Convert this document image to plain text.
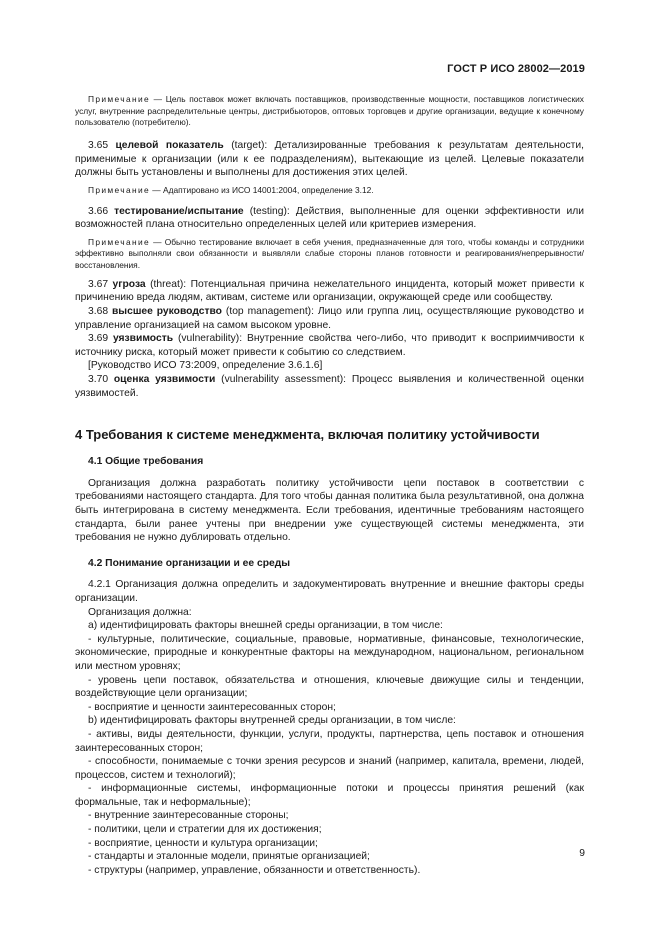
ГОСТ Р ИСО 28002—2019

Примечание — Цель поставок может включать поставщиков, производственные мощности, поставщиков логистических услуг, внутренние распределительные центры, дистрибьюторов, оптовых торговцев и другие организации, ведущие к конечному пользователю (потребителю).

3.65 целевой показатель (target): Детализированные требования к результатам деятельности, применимые к организации (или к ее подразделениям), вытекающие из целей. Целевые показатели должны быть установлены и выполнены для достижения этих целей.

Примечание — Адаптировано из ИСО 14001:2004, определение 3.12.

3.66 тестирование/испытание (testing): Действия, выполненные для оценки эффективности или возможностей плана относительно определенных целей или критериев измерения.

Примечание — Обычно тестирование включает в себя учения, предназначенные для того, чтобы команды и сотрудники эффективно выполняли свои обязанности и выявляли слабые стороны планов готовности и реагирования/непрерывности/восстановления.

3.67 угроза (threat): Потенциальная причина нежелательного инцидента, который может привести к причинению вреда людям, активам, системе или организации, окружающей среде или сообществу.

3.68 высшее руководство (top management): Лицо или группа лиц, осуществляющие руководство и управление организацией на самом высоком уровне.

3.69 уязвимость (vulnerability): Внутренние свойства чего-либо, что приводит к восприимчивости к источнику риска, который может привести к событию со следствием.

[Руководство ИСО 73:2009, определение 3.6.1.6]

3.70 оценка уязвимости (vulnerability assessment): Процесс выявления и количественной оценки уязвимостей.

4 Требования к системе менеджмента, включая политику устойчивости
4.1 Общие требования

Организация должна разработать политику устойчивости цепи поставок в соответствии с требованиями настоящего стандарта. Для того чтобы данная политика была результативной, она должна быть интегрирована в систему менеджмента. Если требования, идентичные требованиям настоящего стандарта, были ранее учтены при внедрении уже существующей системы менеджмента, эти требования не нужно дублировать отдельно.

4.2 Понимание организации и ее среды

4.2.1 Организация должна определить и задокументировать внутренние и внешние факторы среды организации.

Организация должна:

a) идентифицировать факторы внешней среды организации, в том числе:

- культурные, политические, социальные, правовые, нормативные, финансовые, технологические, экономические, природные и конкурентные факторы на международном, национальном, региональном или местном уровнях;

- уровень цепи поставок, обязательства и отношения, ключевые движущие силы и тенденции, воздействующие цели организации;

- восприятие и ценности заинтересованных сторон;

b) идентифицировать факторы внутренней среды организации, в том числе:

- активы, виды деятельности, функции, услуги, продукты, партнерства, цепь поставок и отношения заинтересованных сторон;

- способности, понимаемые с точки зрения ресурсов и знаний (например, капитала, времени, людей, процессов, систем и технологий);

- информационные системы, информационные потоки и процессы принятия решений (как формальные, так и неформальные);

- внутренние заинтересованные стороны;

- политики, цели и стратегии для их достижения;

- восприятие, ценности и культура организации;

- стандарты и эталонные модели, принятые организацией;

- структуры (например, управление, обязанности и ответственность).

9
